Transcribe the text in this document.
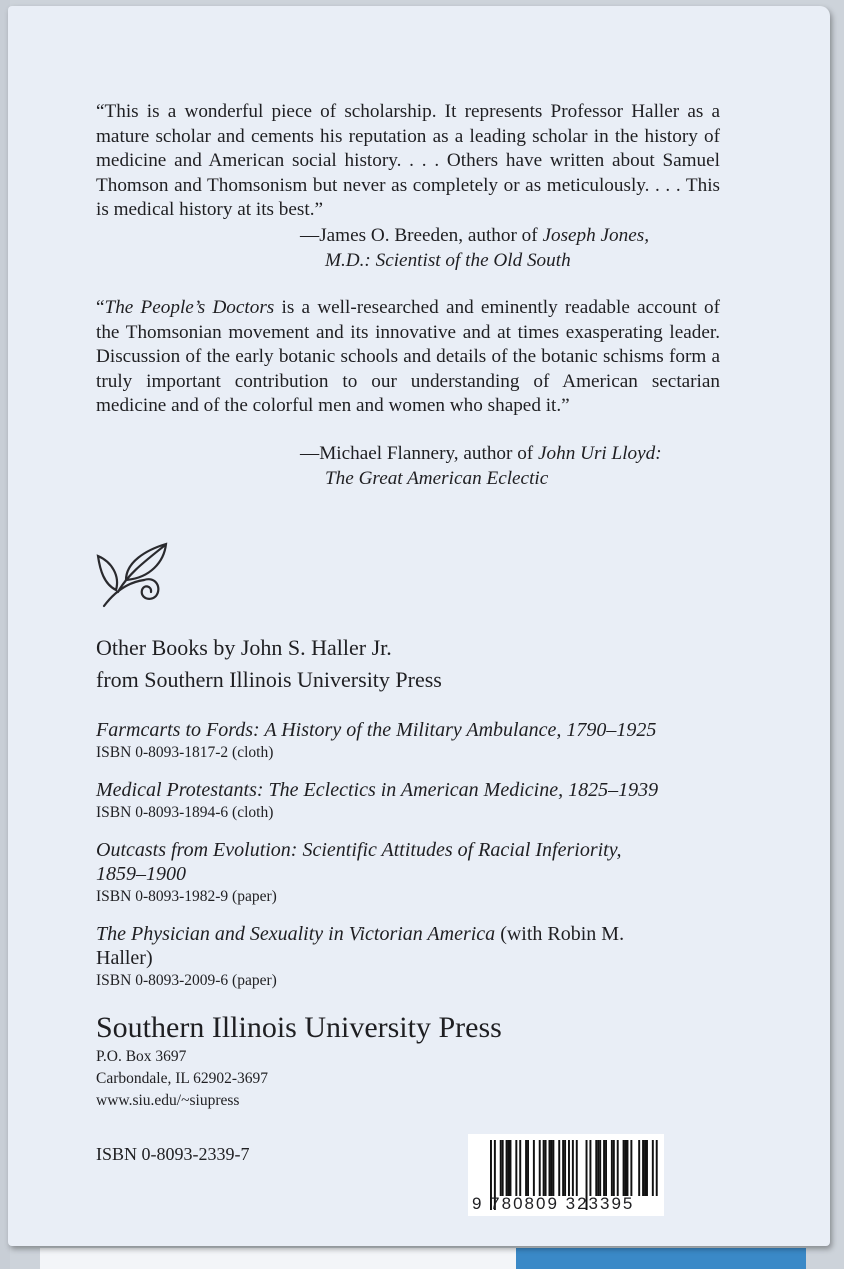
“This is a wonderful piece of scholarship. It represents Professor Haller as a mature scholar and cements his reputation as a leading scholar in the history of medicine and American social history. . . . Others have written about Samuel Thomson and Thomsonism but never as completely or as meticulously. . . . This is medical history at its best.”

—James O. Breeden, author of Joseph Jones,
M.D.: Scientist of the Old South

“The People’s Doctors is a well-researched and eminently readable account of the Thomsonian movement and its innovative and at times exasperating leader. Discussion of the early botanic schools and details of the botanic schisms form a truly important contribution to our understanding of American sectarian medicine and of the colorful men and women who shaped it.”

—Michael Flannery, author of John Uri Lloyd:
The Great American Eclectic
Other Books by John S. Haller Jr.
from Southern Illinois University Press
Farmcarts to Fords: A History of the Military Ambulance, 1790–1925
ISBN 0-8093-1817-2 (cloth)
Medical Protestants: The Eclectics in American Medicine, 1825–1939
ISBN 0-8093-1894-6 (cloth)
Outcasts from Evolution: Scientific Attitudes of Racial Inferiority, 1859–1900
ISBN 0-8093-1982-9 (paper)
The Physician and Sexuality in Victorian America (with Robin M. Haller)
ISBN 0-8093-2009-6 (paper)
Southern Illinois University Press
P.O. Box 3697
Carbondale, IL 62902-3697
www.siu.edu/~siupress
ISBN 0-8093-2339-7
9 780809 323395
